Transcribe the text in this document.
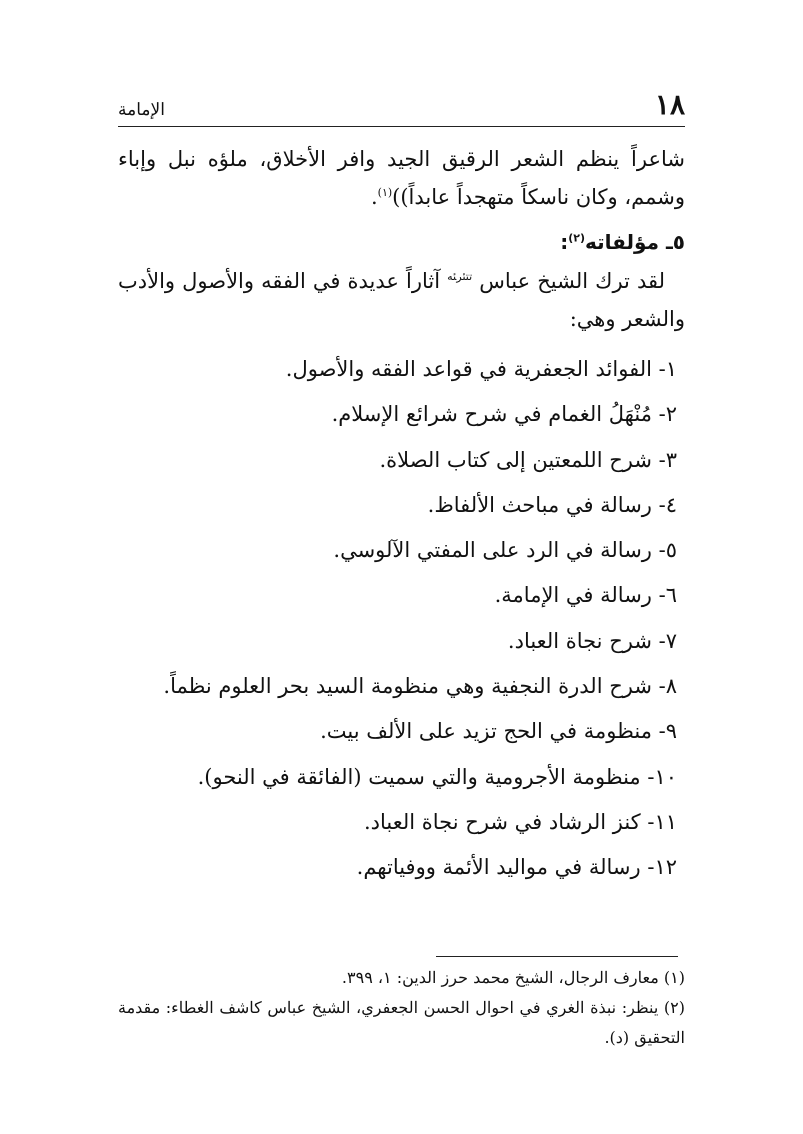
١٨
الإمامة

شاعراً ينظم الشعر الرقيق الجيد وافر الأخلاق، ملؤه نبل وإباء وشمم، وكان ناسكاً متهجداً عابداً))$^{(١)}$.

٥ـ مؤلفاته$^{(٢)}$:

لقد ترك الشيخ عباس $^{ﺗﺘﺌﺮﺌﻪ}$ آثاراً عديدة في الفقه والأصول والأدب والشعر وهي:

١- الفوائد الجعفرية في قواعد الفقه والأصول.
٢- مُنْهَلُ الغمام في شرح شرائع الإسلام.
٣- شرح اللمعتين إلى كتاب الصلاة.
٤- رسالة في مباحث الألفاظ.
٥- رسالة في الرد على المفتي الآلوسي.
٦- رسالة في الإمامة.
٧- شرح نجاة العباد.
٨- شرح الدرة النجفية وهي منظومة السيد بحر العلوم نظماً.
٩- منظومة في الحج تزيد على الألف بيت.
١٠- منظومة الأجرومية والتي سميت (الفائقة في النحو).
١١- كنز الرشاد في شرح نجاة العباد.
١٢- رسالة في مواليد الأئمة ووفياتهم.

(١) معارف الرجال، الشيخ محمد حرز الدين: ١، ٣٩٩.

(٢) ينظر: نبذة الغري في احوال الحسن الجعفري، الشيخ عباس كاشف الغطاء: مقدمة التحقيق (د).
